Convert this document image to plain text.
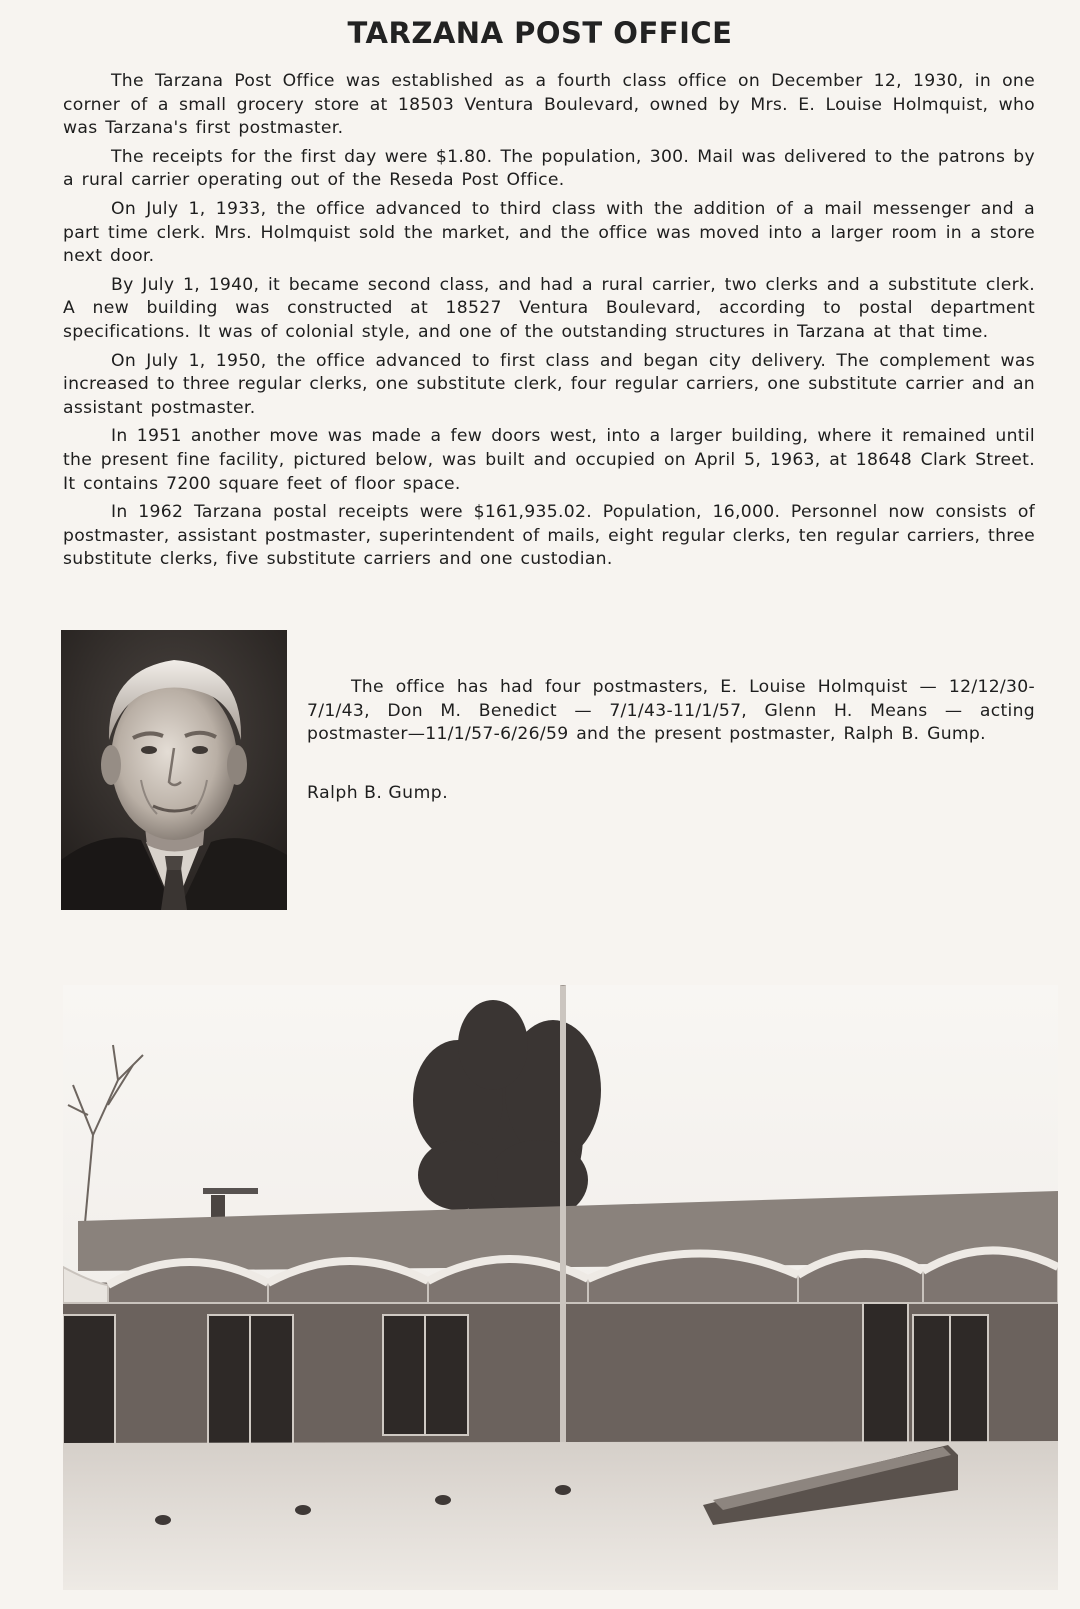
TARZANA POST OFFICE

The Tarzana Post Office was established as a fourth class office on December 12, 1930, in one corner of a small grocery store at 18503 Ventura Boulevard, owned by Mrs. E. Louise Holmquist, who was Tarzana's first postmaster.

The receipts for the first day were $1.80. The population, 300. Mail was delivered to the patrons by a rural carrier operating out of the Reseda Post Office.

On July 1, 1933, the office advanced to third class with the addition of a mail messenger and a part time clerk. Mrs. Holmquist sold the market, and the office was moved into a larger room in a store next door.

By July 1, 1940, it became second class, and had a rural carrier, two clerks and a substitute clerk. A new building was constructed at 18527 Ventura Boulevard, according to postal department specifications. It was of colonial style, and one of the outstanding structures in Tarzana at that time.

On July 1, 1950, the office advanced to first class and began city delivery. The complement was increased to three regular clerks, one substitute clerk, four regular carriers, one substitute carrier and an assistant postmaster.

In 1951 another move was made a few doors west, into a larger building, where it remained until the present fine facility, pictured below, was built and occupied on April 5, 1963, at 18648 Clark Street. It contains 7200 square feet of floor space.

In 1962 Tarzana postal receipts were $161,935.02. Population, 16,000. Personnel now consists of postmaster, assistant postmaster, superintendent of mails, eight regular clerks, ten regular carriers, three substitute clerks, five substitute carriers and one custodian.

The office has had four postmasters, E. Louise Holmquist — 12/12/30-7/1/43, Don M. Benedict — 7/1/43-11/1/57, Glenn H. Means — acting postmaster—11/1/57-6/26/59 and the present postmaster, Ralph B. Gump.

Ralph B. Gump.
